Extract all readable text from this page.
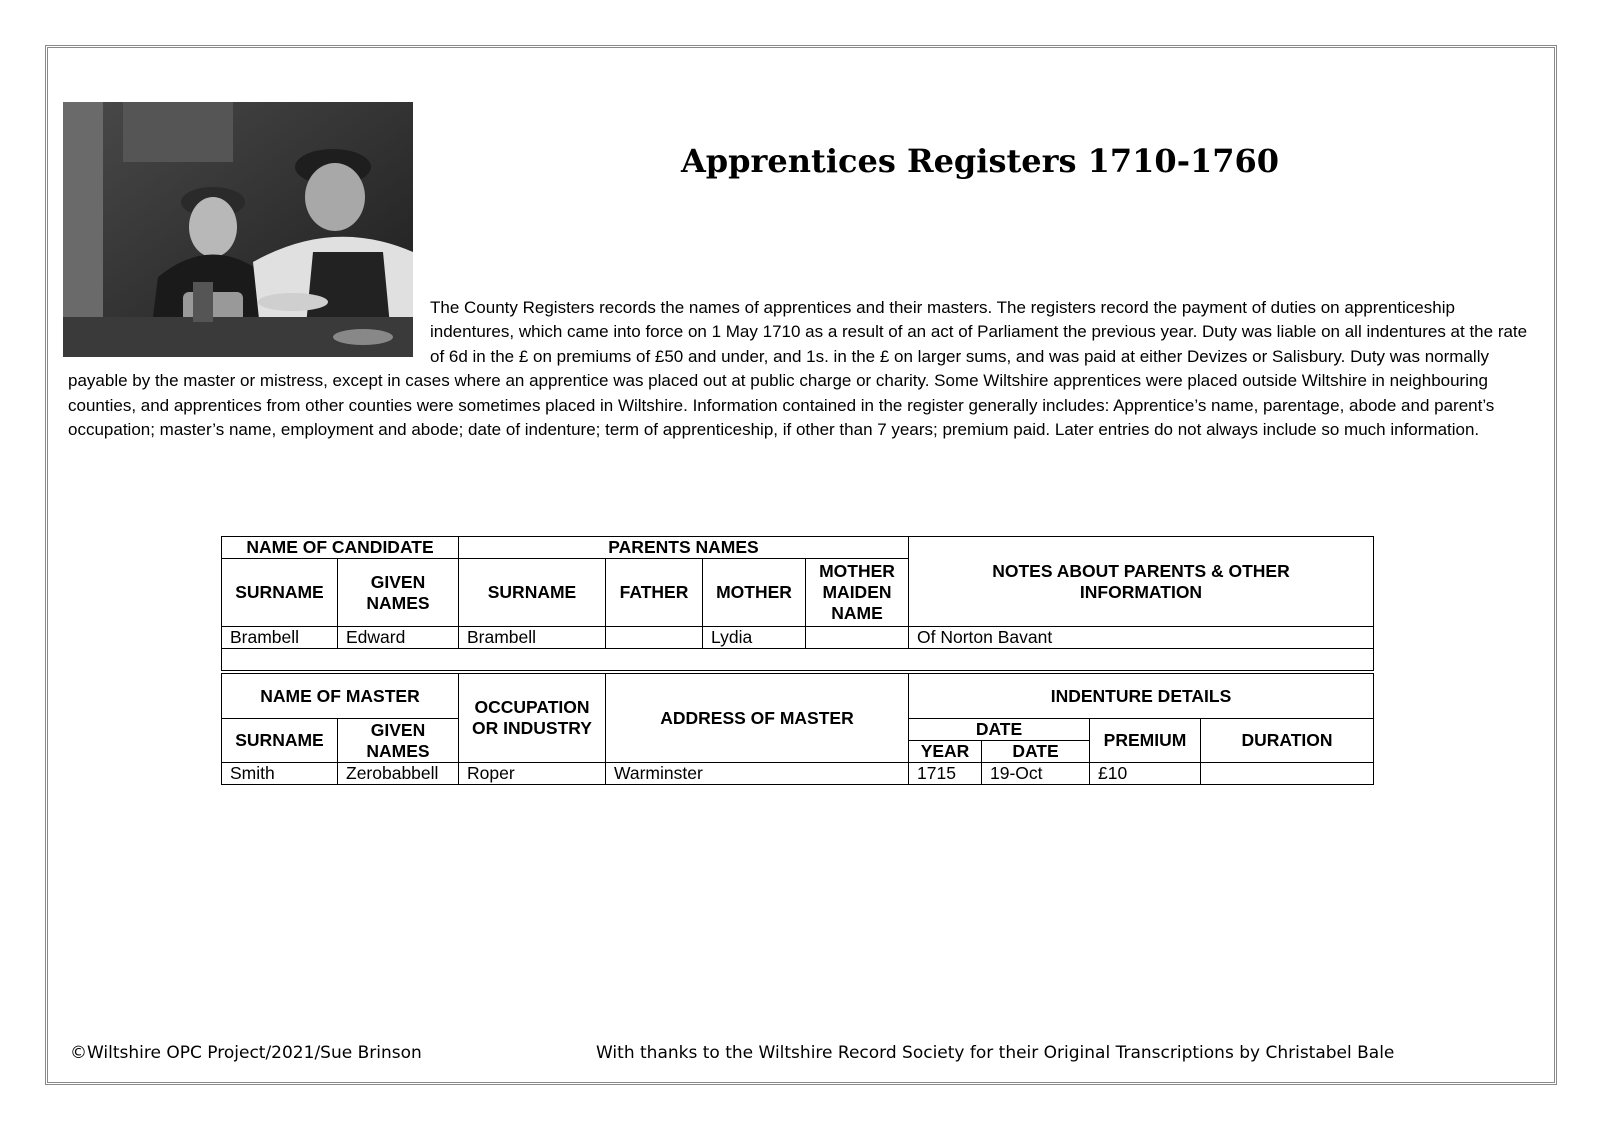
Apprentices Registers 1710-1760
The County Registers records the names of apprentices and their masters. The registers record the payment of duties on apprenticeship indentures, which came into force on 1 May 1710 as a result of an act of Parliament the previous year. Duty was liable on all indentures at the rate of 6d in the £ on premiums of £50 and under, and 1s. in the £ on larger sums, and was paid at either Devizes or Salisbury. Duty was normally payable by the master or mistress, except in cases where an apprentice was placed out at public charge or charity. Some Wiltshire apprentices were placed outside Wiltshire in neighbouring counties, and apprentices from other counties were sometimes placed in Wiltshire. Information contained in the register generally includes: Apprentice’s name, parentage, abode and parent’s occupation; master’s name, employment and abode; date of indenture; term of apprenticeship, if other than 7 years; premium paid. Later entries do not always include so much information.
NAME OF CANDIDATE		PARENTS NAMES				NOTES ABOUT PARENTS & OTHER INFORMATION
SURNAME	GIVEN NAMES	SURNAME	FATHER	MOTHER	MOTHER MAIDEN NAME	
Brambell	Edward	Brambell		Lydia		Of Norton Bavant

NAME OF MASTER		OCCUPATION OR INDUSTRY	ADDRESS OF MASTER	INDENTURE DETAILS			
SURNAME	GIVEN NAMES			DATE		PREMIUM	DURATION
				YEAR	DATE		
Smith	Zerobabbell	Roper	Warminster	1715	19-Oct	£10	
©Wiltshire OPC Project/2021/Sue Brinson	With thanks to the Wiltshire Record Society for their Original Transcriptions by Christabel Bale
